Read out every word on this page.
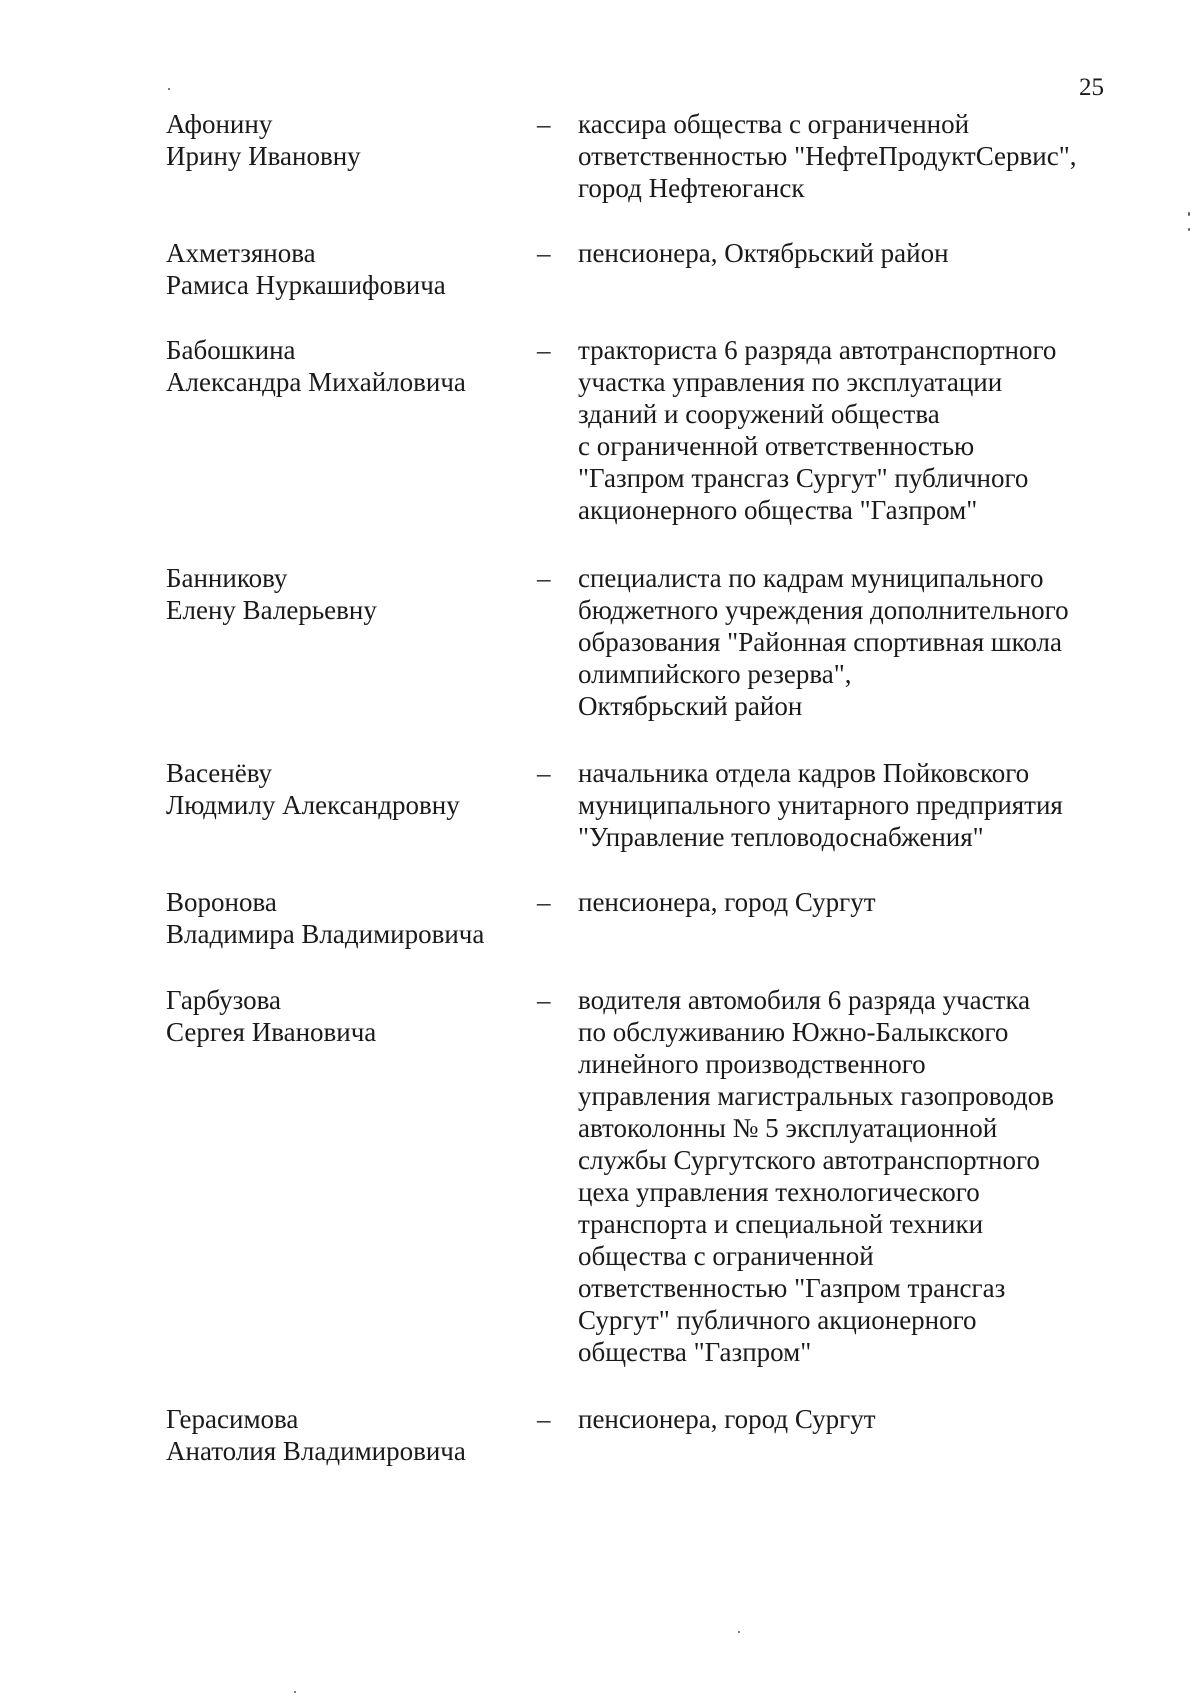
25
Афонину
Ирину Ивановну
– кассира общества с ограниченной
ответственностью "НефтеПродуктСервис",
город Нефтеюганск
Ахметзянова
Рамиса Нуркашифовича
– пенсионера, Октябрьский район
Бабошкина
Александра Михайловича
– тракториста 6 разряда автотранспортного
участка управления по эксплуатации
зданий и сооружений общества
с ограниченной ответственностью
"Газпром трансгаз Сургут" публичного
акционерного общества "Газпром"
Банникову
Елену Валерьевну
– специалиста по кадрам муниципального
бюджетного учреждения дополнительного
образования "Районная спортивная школа
олимпийского резерва",
Октябрьский район
Васенёву
Людмилу Александровну
– начальника отдела кадров Пойковского
муниципального унитарного предприятия
"Управление тепловодоснабжения"
Воронова
Владимира Владимировича
– пенсионера, город Сургут
Гарбузова
Сергея Ивановича
– водителя автомобиля 6 разряда участка
по обслуживанию Южно-Балыкского
линейного производственного
управления магистральных газопроводов
автоколонны № 5 эксплуатационной
службы Сургутского автотранспортного
цеха управления технологического
транспорта и специальной техники
общества с ограниченной
ответственностью "Газпром трансгаз
Сургут" публичного акционерного
общества "Газпром"
Герасимова
Анатолия Владимировича
– пенсионера, город Сургут
